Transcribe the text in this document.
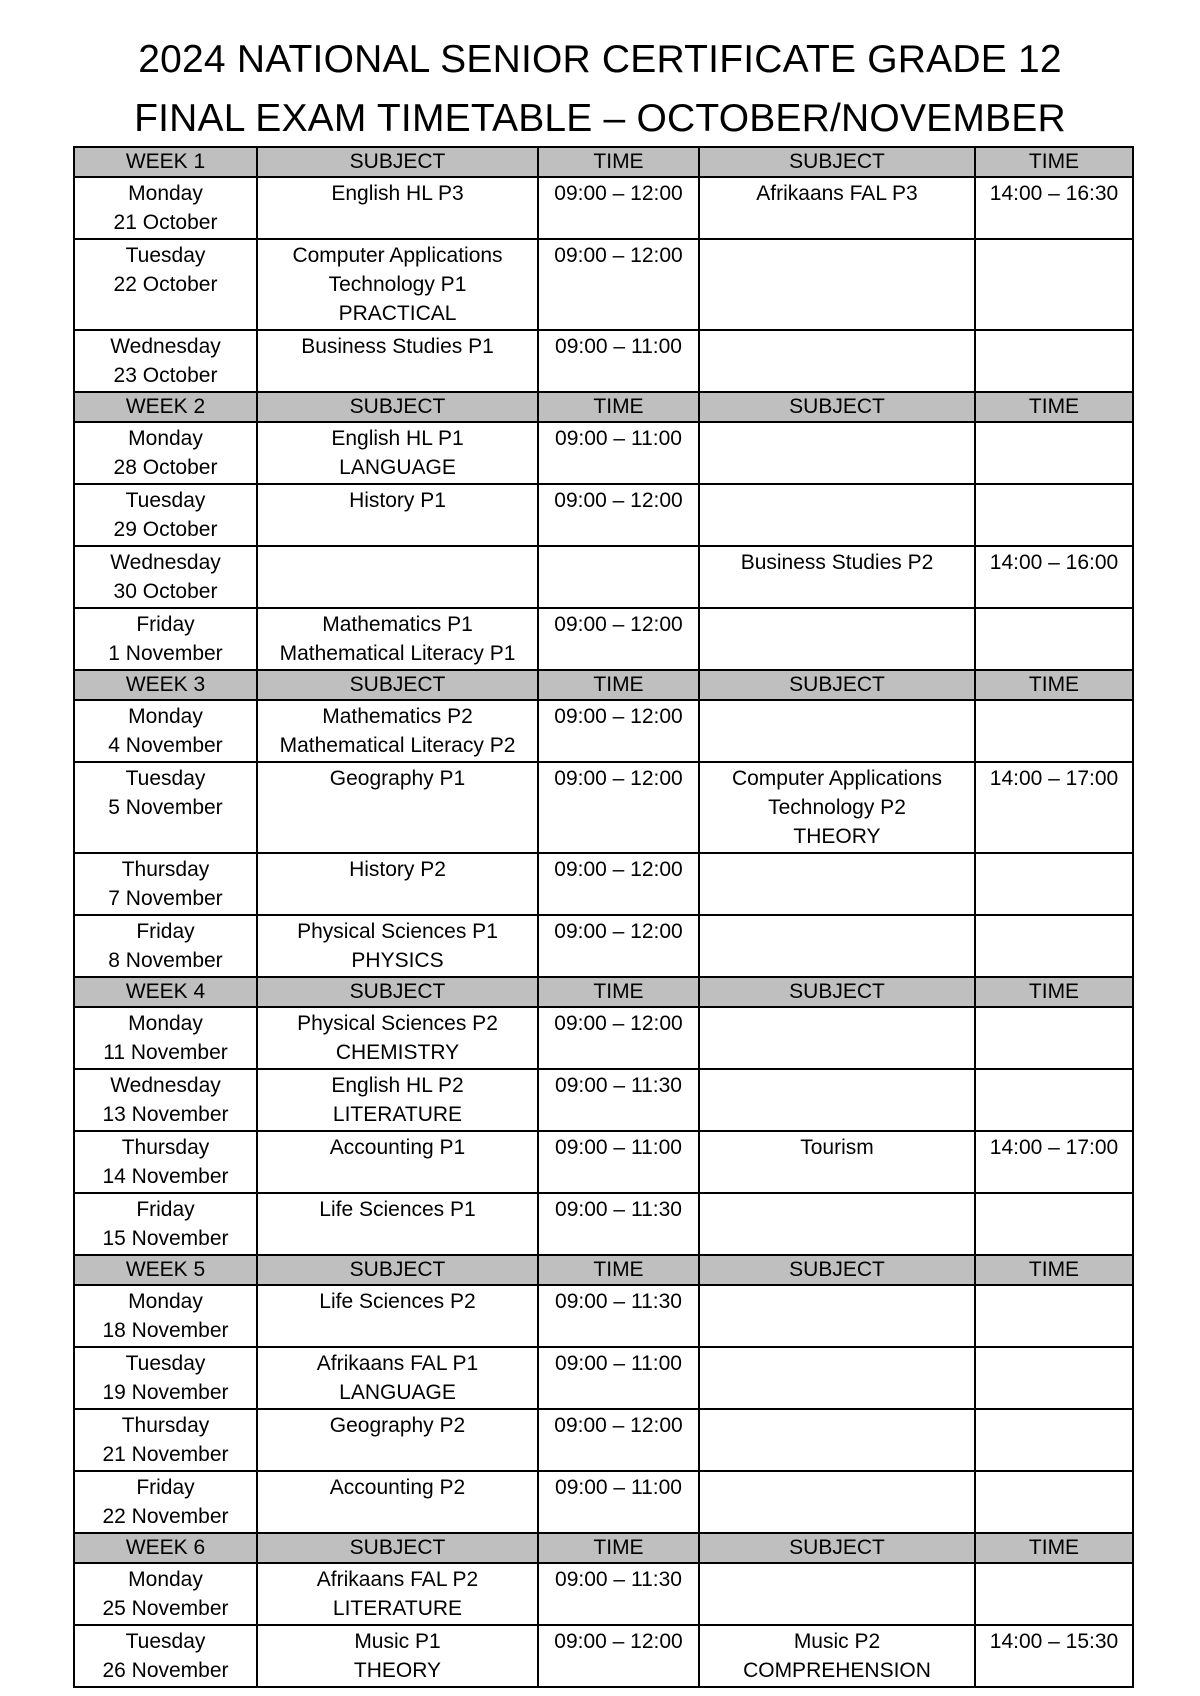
2024 NATIONAL SENIOR CERTIFICATE GRADE 12
FINAL EXAM TIMETABLE – OCTOBER/NOVEMBER
WEEK 1	SUBJECT	TIME	SUBJECT	TIME

Monday
21 October	English HL P3	09:00 – 12:00	Afrikaans FAL P3	14:00 – 16:30

Tuesday
22 October	Computer Applications
Technology P1
PRACTICAL	09:00 – 12:00		

Wednesday
23 October	Business Studies P1	09:00 – 11:00		

WEEK 2	SUBJECT	TIME	SUBJECT	TIME

Monday
28 October	English HL P1
LANGUAGE	09:00 – 11:00		

Tuesday
29 October	History P1	09:00 – 12:00		

Wednesday
30 October			Business Studies P2	14:00 – 16:00

Friday
1 November	Mathematics P1
Mathematical Literacy P1	09:00 – 12:00		

WEEK 3	SUBJECT	TIME	SUBJECT	TIME

Monday
4 November	Mathematics P2
Mathematical Literacy P2	09:00 – 12:00		

Tuesday
5 November	Geography P1	09:00 – 12:00	Computer Applications
Technology P2
THEORY	14:00 – 17:00

Thursday
7 November	History P2	09:00 – 12:00		

Friday
8 November	Physical Sciences P1
PHYSICS	09:00 – 12:00		

WEEK 4	SUBJECT	TIME	SUBJECT	TIME

Monday
11 November	Physical Sciences P2
CHEMISTRY	09:00 – 12:00		

Wednesday
13 November	English HL P2
LITERATURE	09:00 – 11:30		

Thursday
14 November	Accounting P1	09:00 – 11:00	Tourism	14:00 – 17:00

Friday
15 November	Life Sciences P1	09:00 – 11:30		

WEEK 5	SUBJECT	TIME	SUBJECT	TIME

Monday
18 November	Life Sciences P2	09:00 – 11:30		

Tuesday
19 November	Afrikaans FAL P1
LANGUAGE	09:00 – 11:00		

Thursday
21 November	Geography P2	09:00 – 12:00		

Friday
22 November	Accounting P2	09:00 – 11:00		

WEEK 6	SUBJECT	TIME	SUBJECT	TIME

Monday
25 November	Afrikaans FAL P2
LITERATURE	09:00 – 11:30		

Tuesday
26 November	Music P1
THEORY	09:00 – 12:00	Music P2
COMPREHENSION	14:00 – 15:30
